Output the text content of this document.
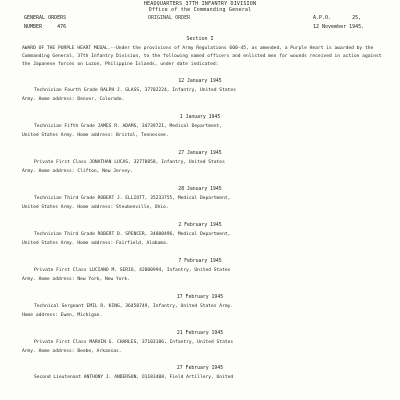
HEADQUARTERS 37TH INFANTRY DIVISION
Office of the Commanding General
GENERAL ORDERS
NUMBER	476
ORIGINAL ORDER	A.P.O.	25,
12 November 1945.
Section I
AWARD OF THE PURPLE HEART MEDAL.--Under the provisions of Army Regulations 600-45, as amended, a Purple Heart is awarded by the Commanding General, 37th Infantry Division, to the following named officers and enlisted men for wounds received in action against the Japanese forces on Luzon, Philippine Islands, under date indicated:
12 January 1945
Technician Fourth Grade RALPH J. GLASS, 37702224, Infantry, United States
Army. Home address: Denver, Colorado.
1 January 1945
Technician Fifth Grade JAMES R. ADAMS, 34739721, Medical Department,
United States Army. Home address: Bristol, Tennessee.
27 January 1945
Private First Class JONATHAN LUCAS, 32778858, Infantry, United States
Army. Home address: Clifton, New Jersey.
28 January 1945
Technician Third Grade ROBERT J. ELLIOTT, 35233755, Medical Department,
United States Army. Home address: Steubenville, Ohio.
2 February 1945
Technician Third Grade ROBERT D. SPENCER, 34800496, Medical Department,
United States Army. Home address: Fairfield, Alabama.
7 February 1945
Private First Class LUCIANO M. SERIO, 42000994, Infantry, United States
Army. Home address: New York, New York.
17 February 1945
Technical Sergeant EMIL R. KING, 36450749, Infantry, United States Army.
Home address: Ewen, Michigan.
21 February 1945
Private First Class MARVIN G. CHARLES, 37103186, Infantry, United States
Army. Home address: Beebe, Arkansas.
27 February 1945
Second Lieutenant ANTHONY J. ANDERSON, O1183408, Field Artillery, United
